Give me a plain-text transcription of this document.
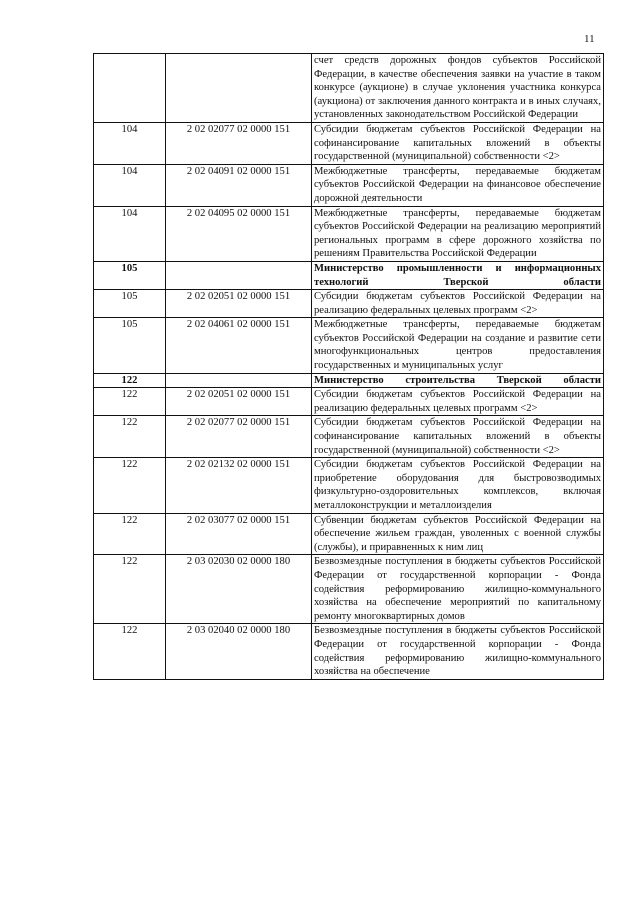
11
		счет средств дорожных фондов субъектов Российской Федерации, в качестве обеспечения заявки на участие в таком конкурсе (аукционе) в случае уклонения участника конкурса (аукциона) от заключения данного контракта и в иных случаях, установленных законодательством Российской Федерации
104	2 02 02077 02 0000 151	Субсидии бюджетам субъектов Российской Федерации на софинансирование капитальных вложений в объекты государственной (муниципальной) собственности <2>
104	2 02 04091 02 0000 151	Межбюджетные трансферты, передаваемые бюджетам субъектов Российской Федерации на финансовое обеспечение дорожной деятельности
104	2 02 04095 02 0000 151	Межбюджетные трансферты, передаваемые бюджетам субъектов Российской Федерации на реализацию мероприятий региональных программ в сфере дорожного хозяйства по решениям Правительства Российской Федерации
105		Министерство промышленности и информационных технологий Тверской области
105	2 02 02051 02 0000 151	Субсидии бюджетам субъектов Российской Федерации на реализацию федеральных целевых программ <2>
105	2 02 04061 02 0000 151	Межбюджетные трансферты, передаваемые бюджетам субъектов Российской Федерации на создание и развитие сети многофункциональных центров предоставления государственных и муниципальных услуг
122		Министерство строительства Тверской области
122	2 02 02051 02 0000 151	Субсидии бюджетам субъектов Российской Федерации на реализацию федеральных целевых программ <2>
122	2 02 02077 02 0000 151	Субсидии бюджетам субъектов Российской Федерации на софинансирование капитальных вложений в объекты государственной (муниципальной) собственности <2>
122	2 02 02132 02 0000 151	Субсидии бюджетам субъектов Российской Федерации на приобретение оборудования для быстровозводимых физкультурно-оздоровительных комплексов, включая металлоконструкции и металлоизделия
122	2 02 03077 02 0000 151	Субвенции бюджетам субъектов Российской Федерации на обеспечение жильем граждан, уволенных с военной службы (службы), и приравненных к ним лиц
122	2 03 02030 02 0000 180	Безвозмездные поступления в бюджеты субъектов Российской Федерации от государственной корпорации - Фонда содействия реформированию жилищно-коммунального хозяйства на обеспечение мероприятий по капитальному ремонту многоквартирных домов
122	2 03 02040 02 0000 180	Безвозмездные поступления в бюджеты субъектов Российской Федерации от государственной корпорации - Фонда содействия реформированию жилищно-коммунального хозяйства на обеспечение
